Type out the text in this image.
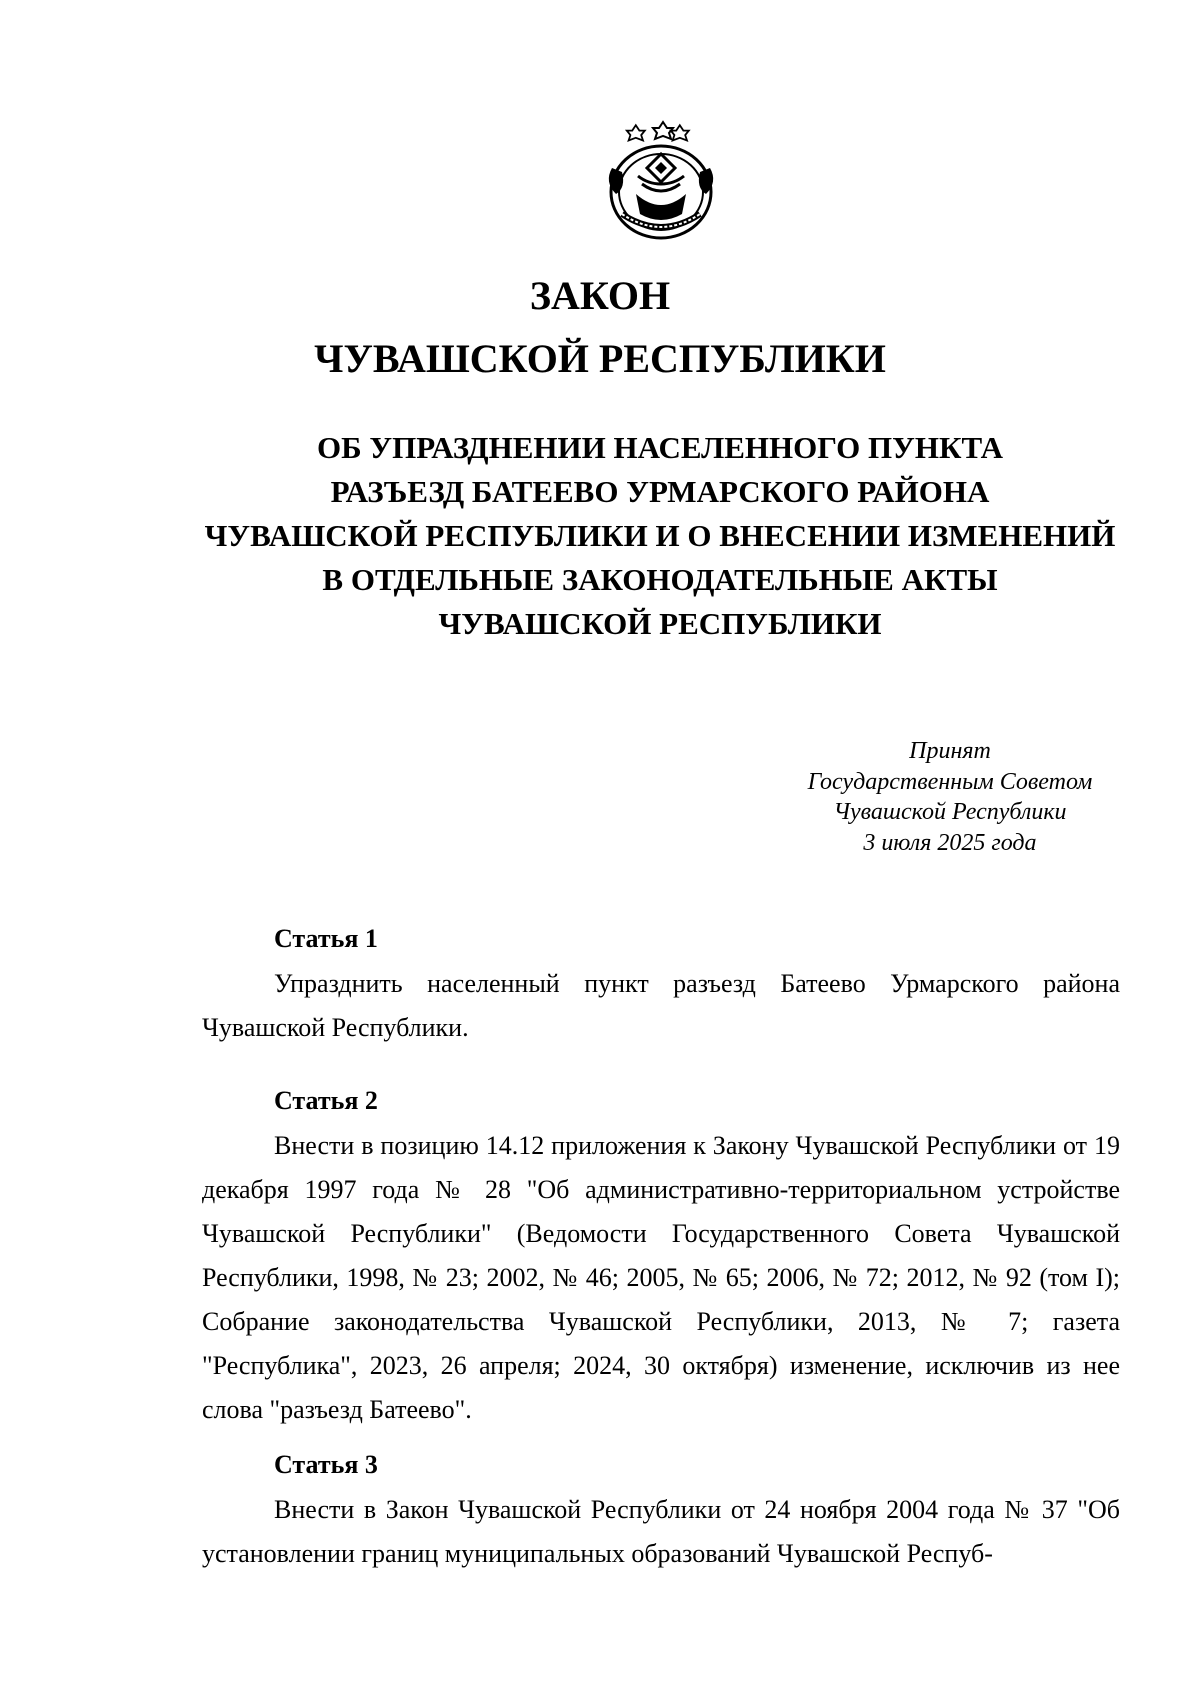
ЗАКОН
ЧУВАШСКОЙ РЕСПУБЛИКИ
ОБ УПРАЗДНЕНИИ НАСЕЛЕННОГО ПУНКТА
РАЗЪЕЗД БАТЕЕВО УРМАРСКОГО РАЙОНА
ЧУВАШСКОЙ РЕСПУБЛИКИ И О ВНЕСЕНИИ ИЗМЕНЕНИЙ
В ОТДЕЛЬНЫЕ ЗАКОНОДАТЕЛЬНЫЕ АКТЫ
ЧУВАШСКОЙ РЕСПУБЛИКИ
Принят
Государственным Советом
Чувашской Республики
3 июля 2025 года
Статья 1

Упразднить населенный пункт разъезд Батеево Урмарского района Чувашской Республики.

Статья 2

Внести в позицию 14.12 приложения к Закону Чувашской Республики от 19 декабря 1997 года № 28 "Об административно-территориальном устройстве Чувашской Республики" (Ведомости Государственного Совета Чувашской Республики, 1998, № 23; 2002, № 46; 2005, № 65; 2006, № 72; 2012, № 92 (том I); Собрание законодательства Чувашской Республики, 2013, № 7; газета "Республика", 2023, 26 апреля; 2024, 30 октября) изменение, исключив из нее слова "разъезд Батеево".

Статья 3

Внести в Закон Чувашской Республики от 24 ноября 2004 года № 37 "Об установлении границ муниципальных образований Чувашской Респуб-
